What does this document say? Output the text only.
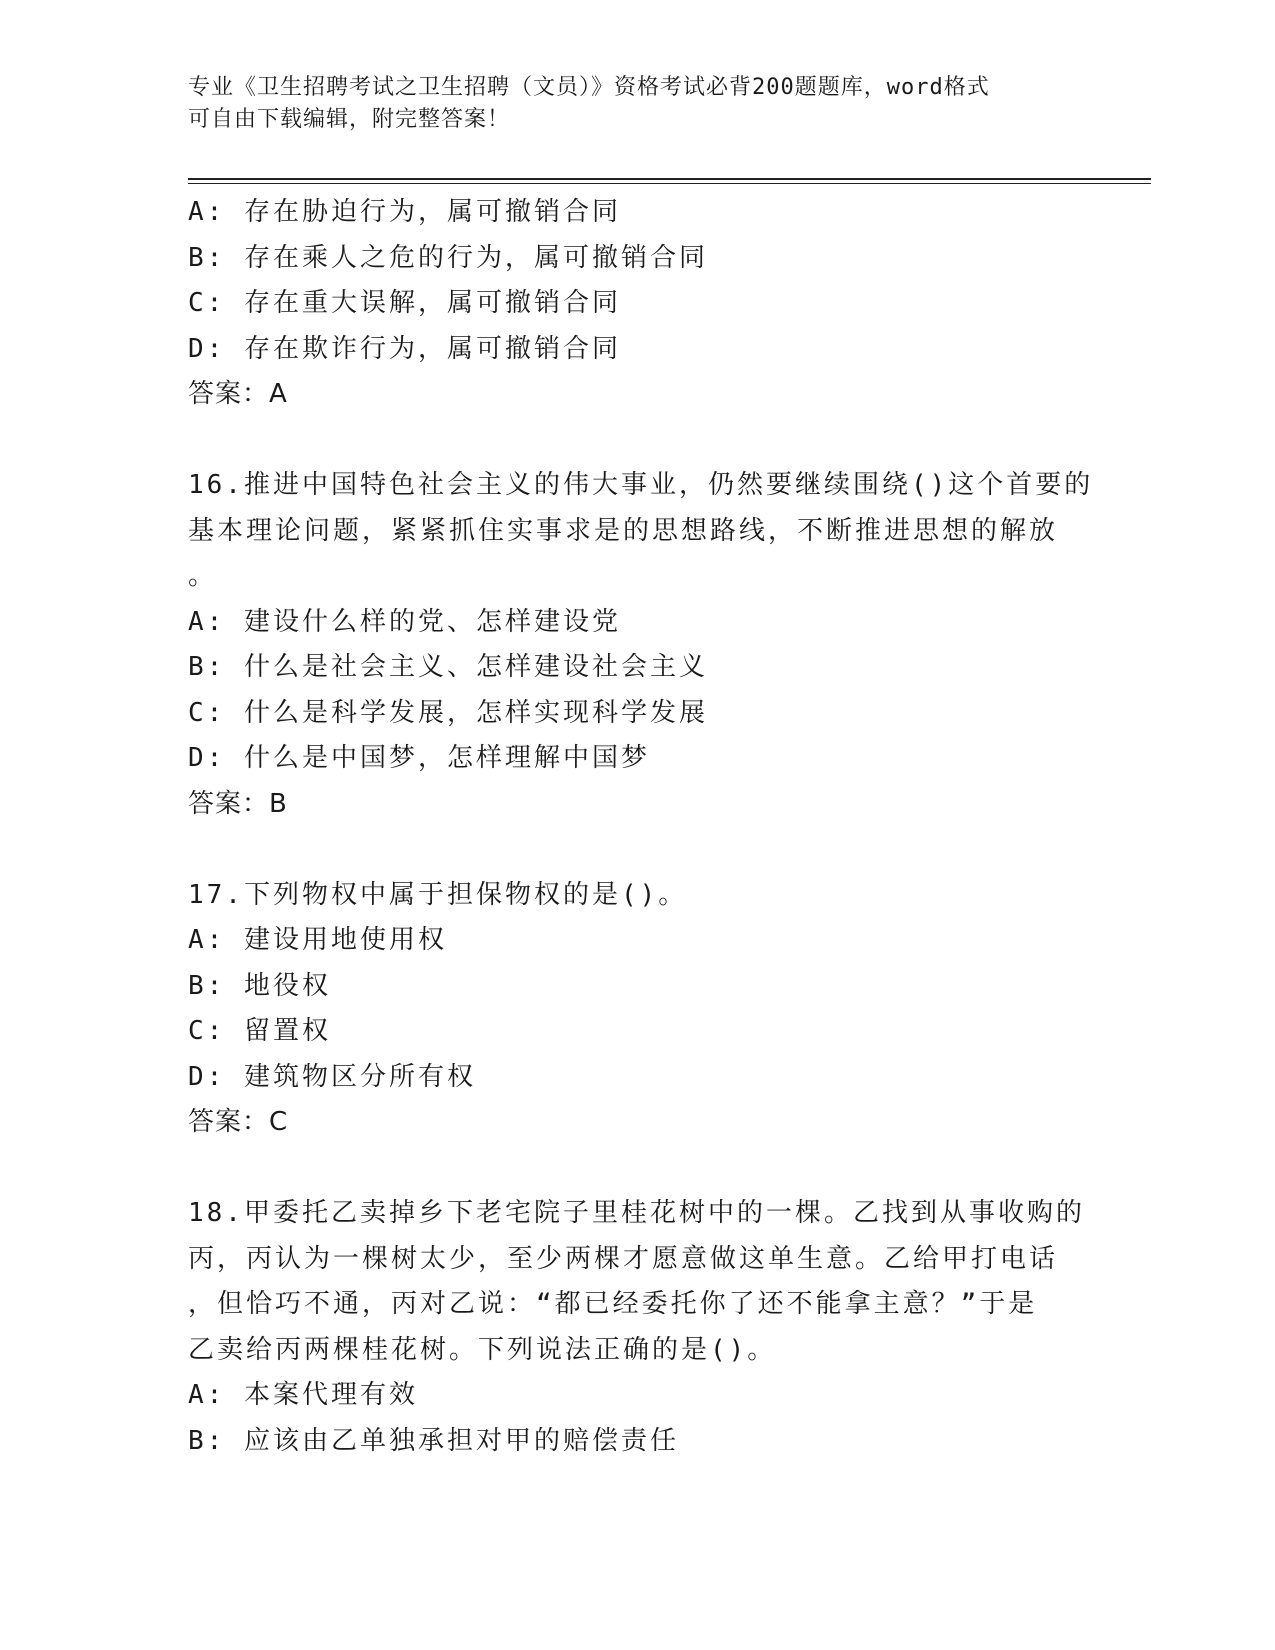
专业《卫生招聘考试之卫生招聘（文员）》资格考试必背200题题库，word格式
可自由下载编辑，附完整答案！
A: 存在胁迫行为，属可撤销合同
B: 存在乘人之危的行为，属可撤销合同
C: 存在重大误解，属可撤销合同
D: 存在欺诈行为，属可撤销合同
答案：A
16.推进中国特色社会主义的伟大事业，仍然要继续围绕()这个首要的
基本理论问题，紧紧抓住实事求是的思想路线，不断推进思想的解放
。
A: 建设什么样的党、怎样建设党
B: 什么是社会主义、怎样建设社会主义
C: 什么是科学发展，怎样实现科学发展
D: 什么是中国梦，怎样理解中国梦
答案：B
17.下列物权中属于担保物权的是()。
A: 建设用地使用权
B: 地役权
C: 留置权
D: 建筑物区分所有权
答案：C
18.甲委托乙卖掉乡下老宅院子里桂花树中的一棵。乙找到从事收购的
丙，丙认为一棵树太少，至少两棵才愿意做这单生意。乙给甲打电话
，但恰巧不通，丙对乙说：“都已经委托你了还不能拿主意？”于是
乙卖给丙两棵桂花树。下列说法正确的是()。
A: 本案代理有效
B: 应该由乙单独承担对甲的赔偿责任
